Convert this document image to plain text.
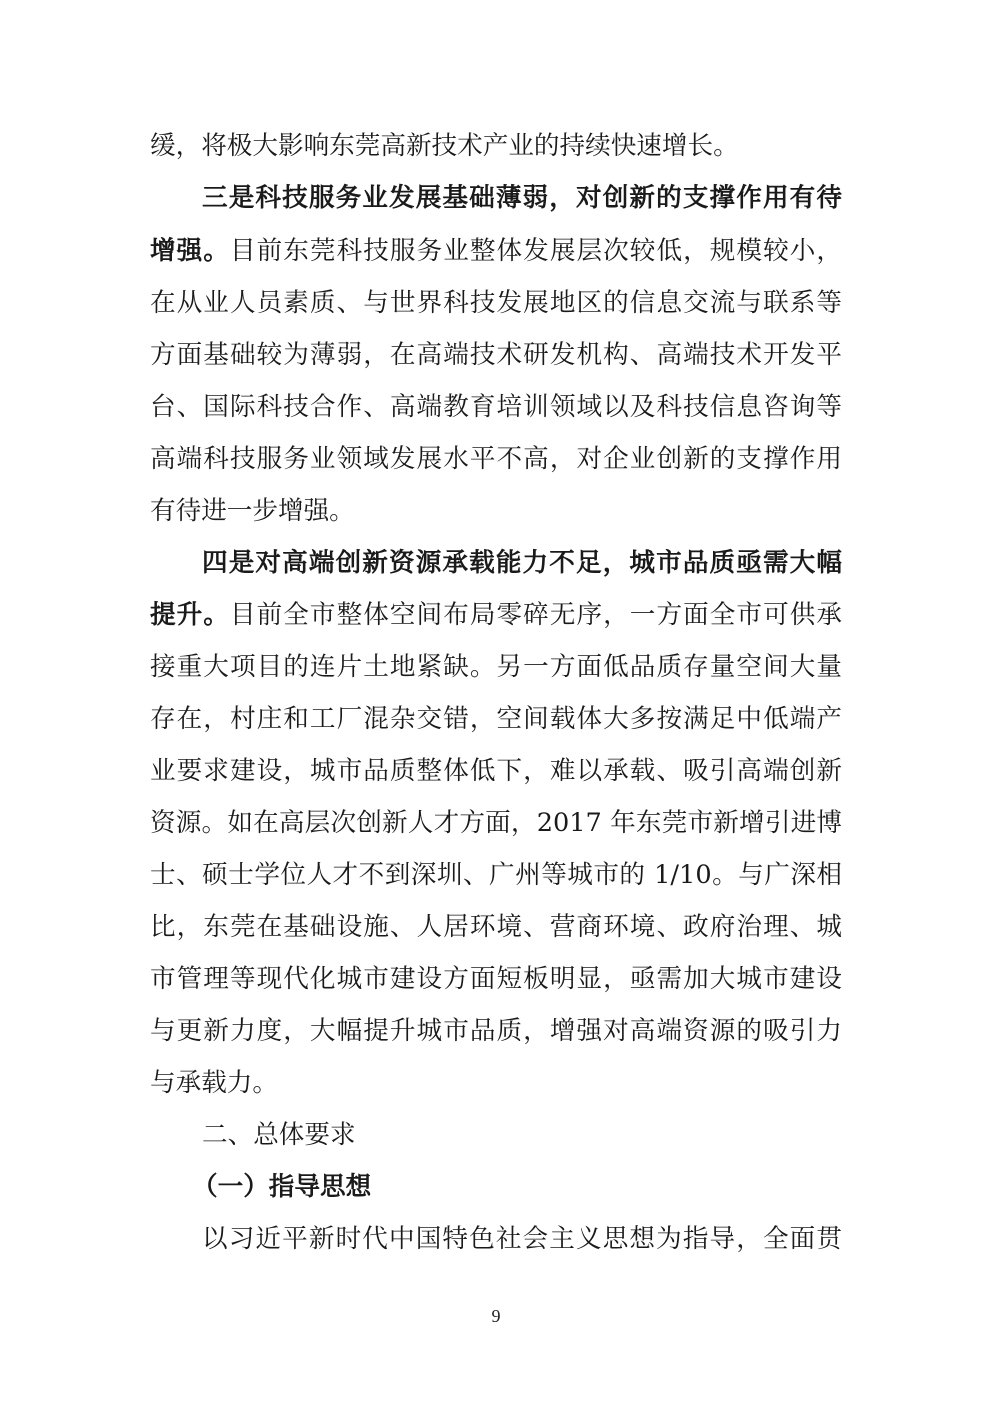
缓，将极大影响东莞高新技术产业的持续快速增长。
三是科技服务业发展基础薄弱，对创新的支撑作用有待
增强。目前东莞科技服务业整体发展层次较低，规模较小，
在从业人员素质、与世界科技发展地区的信息交流与联系等
方面基础较为薄弱，在高端技术研发机构、高端技术开发平
台、国际科技合作、高端教育培训领域以及科技信息咨询等
高端科技服务业领域发展水平不高，对企业创新的支撑作用
有待进一步增强。
四是对高端创新资源承载能力不足，城市品质亟需大幅
提升。目前全市整体空间布局零碎无序，一方面全市可供承
接重大项目的连片土地紧缺。另一方面低品质存量空间大量
存在，村庄和工厂混杂交错，空间载体大多按满足中低端产
业要求建设，城市品质整体低下，难以承载、吸引高端创新
资源。如在高层次创新人才方面，2017 年东莞市新增引进博
士、硕士学位人才不到深圳、广州等城市的 1/10。与广深相
比，东莞在基础设施、人居环境、营商环境、政府治理、城
市管理等现代化城市建设方面短板明显，亟需加大城市建设
与更新力度，大幅提升城市品质，增强对高端资源的吸引力
与承载力。
二、总体要求
（一）指导思想
以习近平新时代中国特色社会主义思想为指导，全面贯
9
